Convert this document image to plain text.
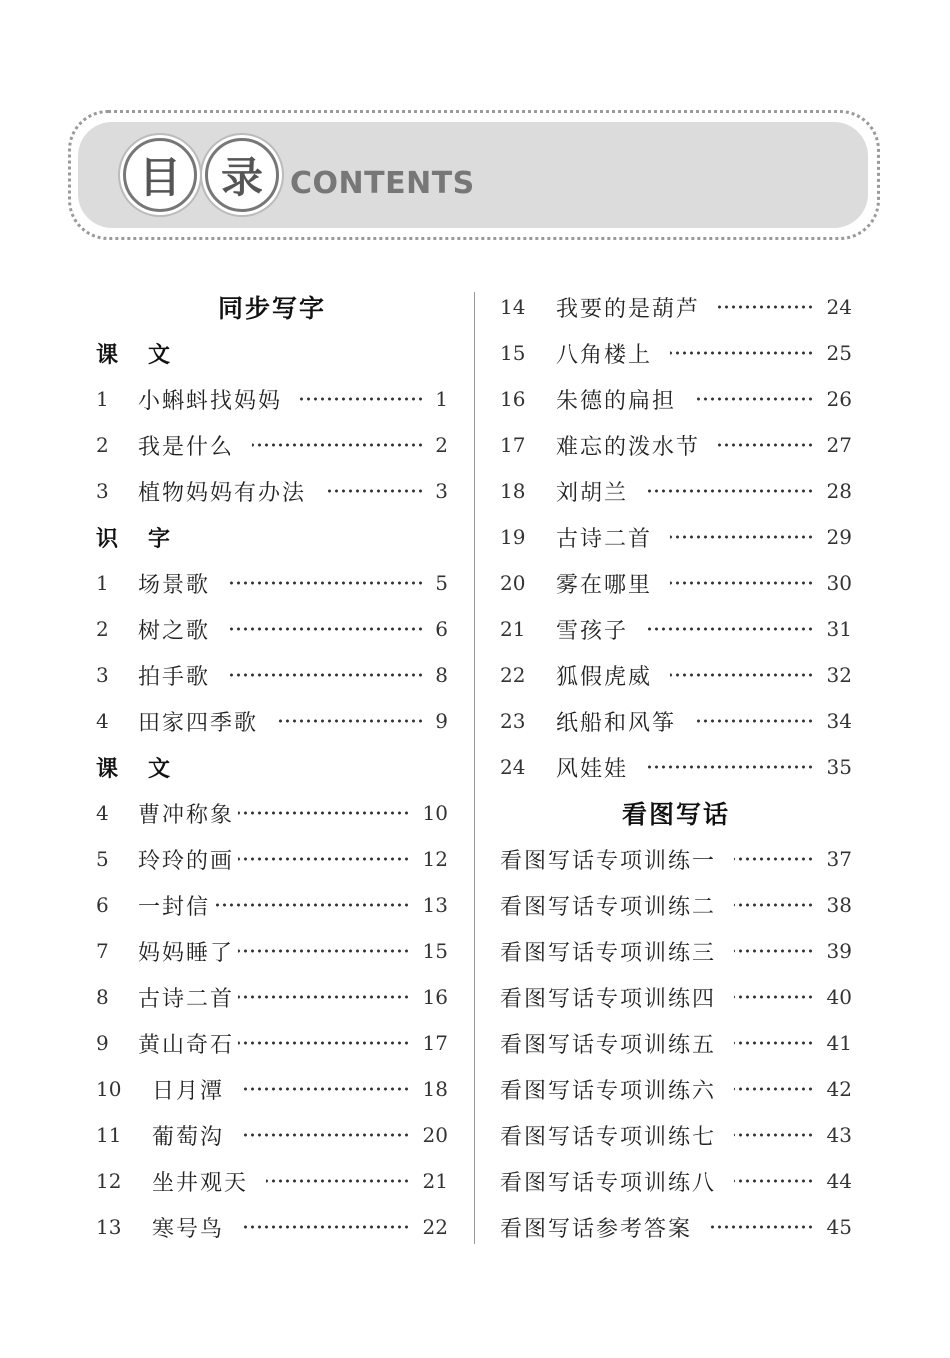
目 录 CONTENTS
同步写字
课 文
1	小蝌蚪找妈妈	1
2	我是什么	2
3	植物妈妈有办法	3
识 字
1	场景歌	5
2	树之歌	6
3	拍手歌	8
4	田家四季歌	9
课 文
4	曹冲称象	10
5	玲玲的画	12
6	一封信	13
7	妈妈睡了	15
8	古诗二首	16
9	黄山奇石	17
10	日月潭	18
11	葡萄沟	20
12	坐井观天	21
13	寒号鸟	22
14	我要的是葫芦	24
15	八角楼上	25
16	朱德的扁担	26
17	难忘的泼水节	27
18	刘胡兰	28
19	古诗二首	29
20	雾在哪里	30
21	雪孩子	31
22	狐假虎威	32
23	纸船和风筝	34
24	风娃娃	35
看图写话
看图写话专项训练一	37
看图写话专项训练二	38
看图写话专项训练三	39
看图写话专项训练四	40
看图写话专项训练五	41
看图写话专项训练六	42
看图写话专项训练七	43
看图写话专项训练八	44
看图写话参考答案	45
